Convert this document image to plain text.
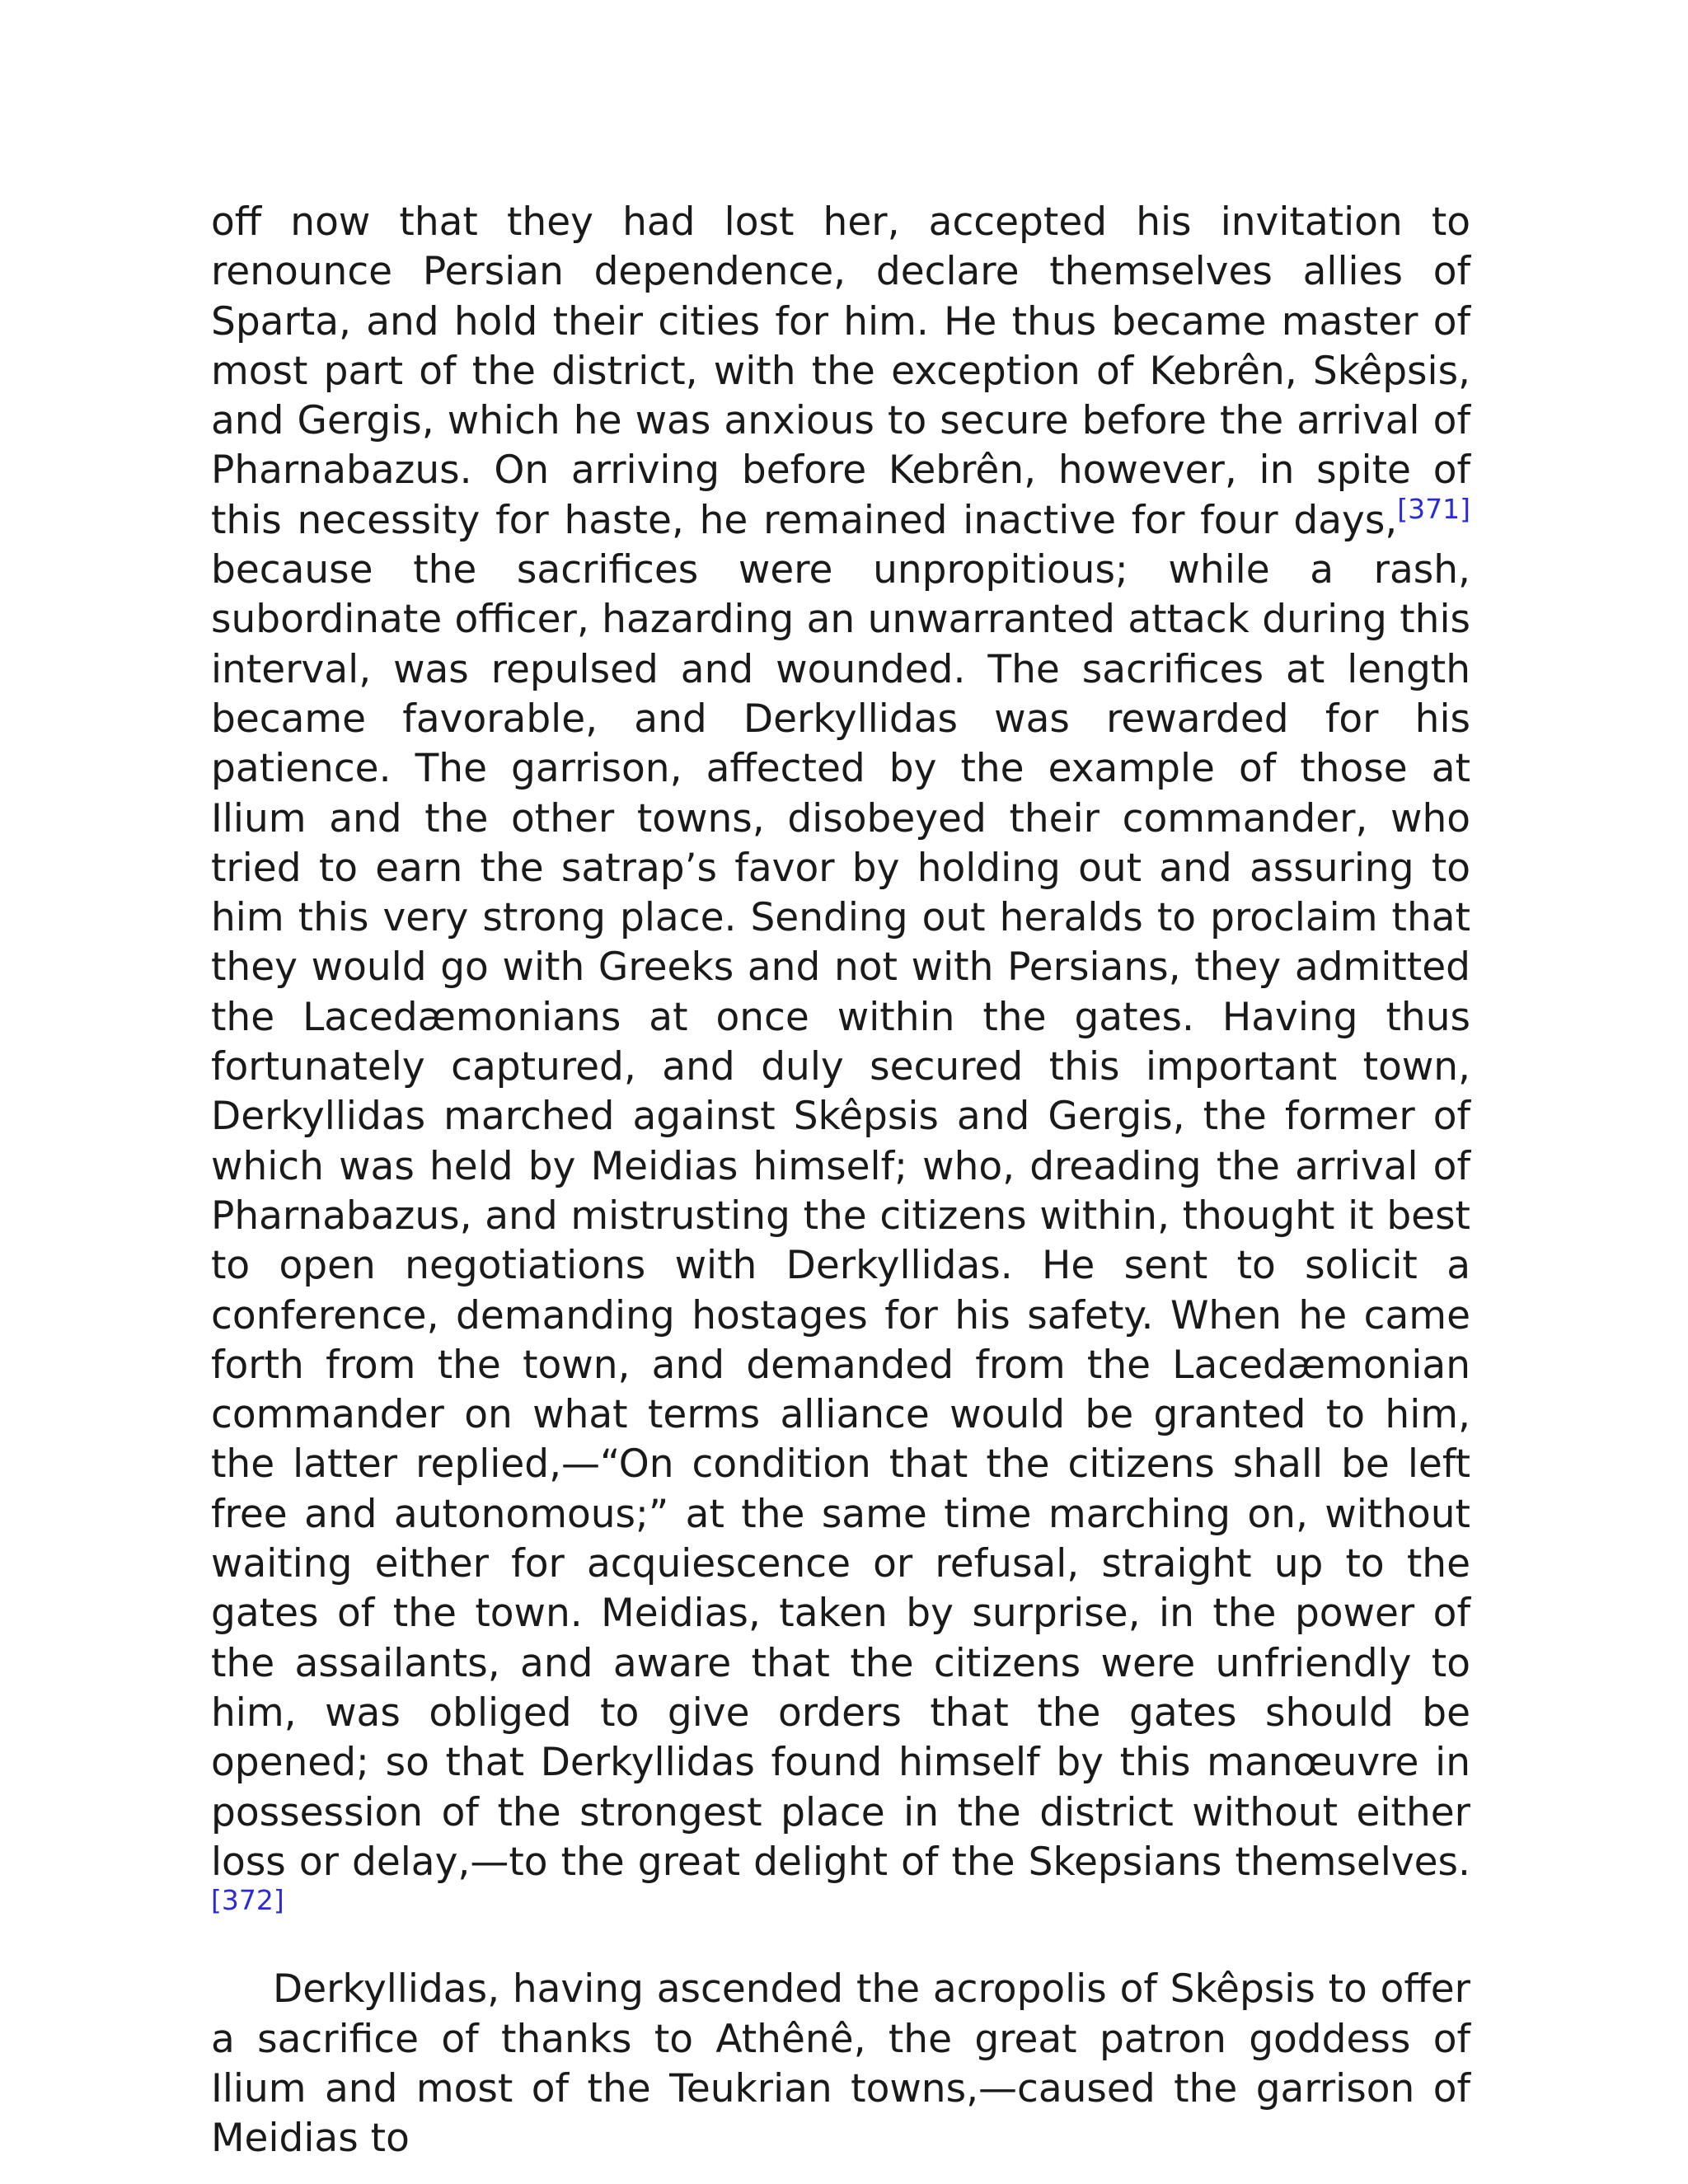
off now that they had lost her, accepted his invitation to renounce Persian dependence, declare themselves allies of Sparta, and hold their cities for him. He thus became master of most part of the district, with the exception of Kebrên, Skêpsis, and Gergis, which he was anxious to secure before the arrival of Pharnabazus. On arriving before Kebrên, however, in spite of this necessity for haste, he remained inactive for four days,[371] because the sacrifices were unpropitious; while a rash, subordinate officer, hazarding an unwarranted attack during this interval, was repulsed and wounded. The sacrifices at length became favorable, and Derkyllidas was rewarded for his patience. The garrison, affected by the example of those at Ilium and the other towns, disobeyed their commander, who tried to earn the satrap’s favor by holding out and assuring to him this very strong place. Sending out heralds to proclaim that they would go with Greeks and not with Persians, they admitted the Lacedæmonians at once within the gates. Having thus fortunately captured, and duly secured this important town, Derkyllidas marched against Skêpsis and Gergis, the former of which was held by Meidias himself; who, dreading the arrival of Pharnabazus, and mistrusting the citizens within, thought it best to open negotiations with Derkyllidas. He sent to solicit a conference, demanding hostages for his safety. When he came forth from the town, and demanded from the Lacedæmonian commander on what terms alliance would be granted to him, the latter replied,—“On condition that the citizens shall be left free and autonomous;” at the same time marching on, without waiting either for acquiescence or refusal, straight up to the gates of the town. Meidias, taken by surprise, in the power of the assailants, and aware that the citizens were unfriendly to him, was obliged to give orders that the gates should be opened; so that Derkyllidas found himself by this manœuvre in possession of the strongest place in the district without either loss or delay,—to the great delight of the Skepsians themselves.[372]

Derkyllidas, having ascended the acropolis of Skêpsis to offer a sacrifice of thanks to Athênê, the great patron goddess of Ilium and most of the Teukrian towns,—caused the garrison of Meidias to
